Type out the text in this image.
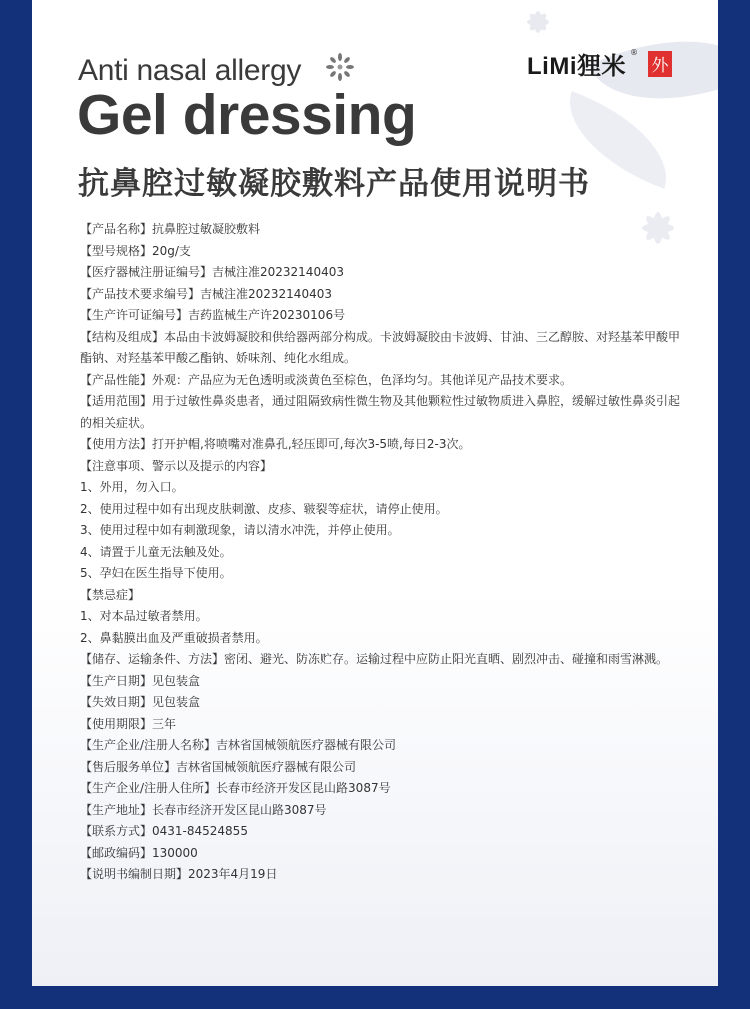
LiMi狸米
®
外
Anti nasal allergy
Gel dressing
抗鼻腔过敏凝胶敷料产品使用说明书
【产品名称】抗鼻腔过敏凝胶敷料
【型号规格】20g/支
【医疗器械注册证编号】吉械注准20232140403
【产品技术要求编号】吉械注准20232140403
【生产许可证编号】吉药监械生产许20230106号
【结构及组成】本品由卡波姆凝胶和供给器两部分构成。卡波姆凝胶由卡波姆、甘油、三乙醇胺、对羟基苯甲酸甲酯钠、对羟基苯甲酸乙酯钠、娇味剂、纯化水组成。
【产品性能】外观：产品应为无色透明或淡黄色至棕色，色泽均匀。其他详见产品技术要求。
【适用范围】用于过敏性鼻炎患者，通过阻隔致病性微生物及其他颗粒性过敏物质进入鼻腔，缓解过敏性鼻炎引起的相关症状。
【使用方法】打开护帽,将喷嘴对准鼻孔,轻压即可,每次3-5喷,每日2-3次。
【注意事项、警示以及提示的内容】
1、外用，勿入口。
2、使用过程中如有出现皮肤刺激、皮疹、皲裂等症状，请停止使用。
3、使用过程中如有刺激现象，请以清水冲洗，并停止使用。
4、请置于儿童无法触及处。
5、孕妇在医生指导下使用。
【禁忌症】
1、对本品过敏者禁用。
2、鼻黏膜出血及严重破损者禁用。
【储存、运输条件、方法】密闭、避光、防冻贮存。运输过程中应防止阳光直晒、剧烈冲击、碰撞和雨雪淋溅。
【生产日期】见包装盒
【失效日期】见包装盒
【使用期限】三年
【生产企业/注册人名称】吉林省国械领航医疗器械有限公司
【售后服务单位】吉林省国械领航医疗器械有限公司
【生产企业/注册人住所】长春市经济开发区昆山路3087号
【生产地址】长春市经济开发区昆山路3087号
【联系方式】0431-84524855
【邮政编码】130000
【说明书编制日期】2023年4月19日
